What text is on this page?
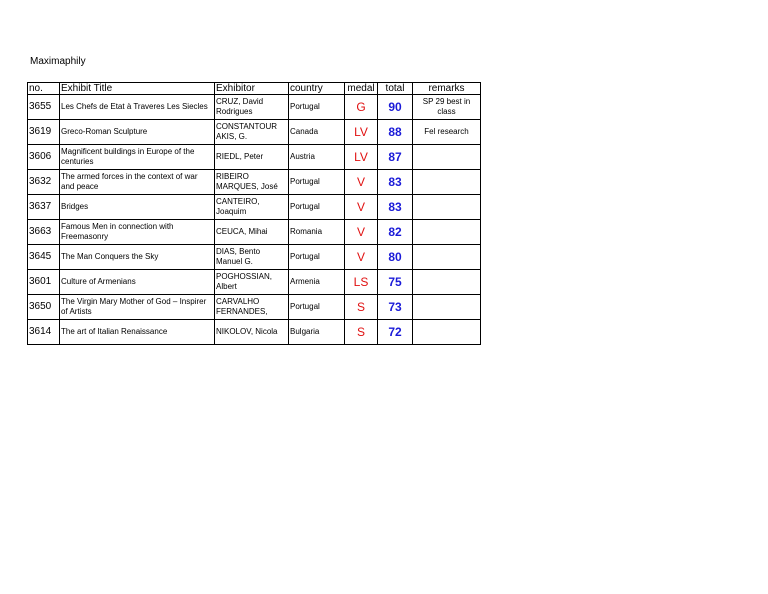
Maximaphily
no.	Exhibit Title	Exhibitor	country	medal	total	remarks
3655	Les Chefs de Etat à Traveres Les Siecles	CRUZ, David Rodrigues	Portugal	G	90	SP 29 best in class
3619	Greco-Roman Sculpture	CONSTANTOUR AKIS, G.	Canada	LV	88	Fel research
3606	Magnificent buildings in Europe of the centuries	RIEDL, Peter	Austria	LV	87	
3632	The armed forces in the context of war and peace	RIBEIRO MARQUES, José	Portugal	V	83	
3637	Bridges	CANTEIRO, Joaquim	Portugal	V	83	
3663	Famous Men in connection with Freemasonry	CEUCA, Mihai	Romania	V	82	
3645	The Man Conquers the Sky	DIAS, Bento Manuel G.	Portugal	V	80	
3601	Culture of Armenians	POGHOSSIAN, Albert	Armenia	LS	75	
3650	The Virgin Mary Mother of God – Inspirer of Artists	CARVALHO FERNANDES,	Portugal	S	73	
3614	The art of Italian Renaissance	NIKOLOV, Nicola	Bulgaria	S	72	
